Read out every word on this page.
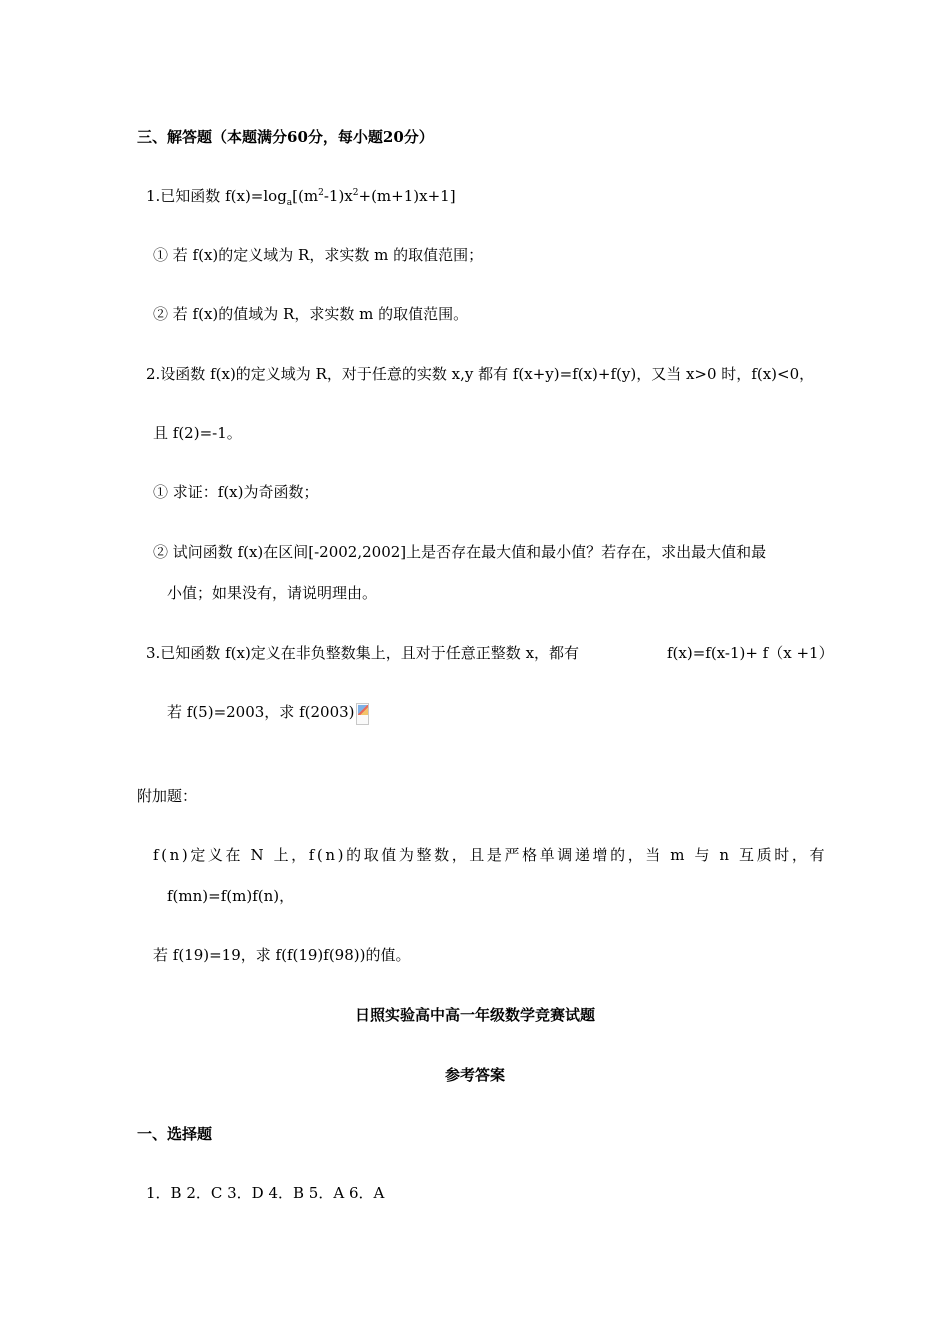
三、解答题（本题满分60分，每小题20分）
1.已知函数 $f(x)=\log_a[(m^2-1)x^2+(m+1)x+1]$
① 若 f(x)的定义域为 R，求实数 m 的取值范围；
② 若 f(x)的值域为 R，求实数 m 的取值范围。
2.设函数 f(x)的定义域为 R，对于任意的实数 x,y 都有 f(x+y)=f(x)+f(y)，又当 x>0 时，f(x)<0，
且 f(2)=-1。
① 求证：f(x)为奇函数；
② 试问函数 f(x)在区间[-2002,2002]上是否存在最大值和最小值？若存在，求出最大值和最
小值；如果没有，请说明理由。
3.已知函数 f(x)定义在非负整数集上，且对于任意正整数 x，都有	f(x)=f(x-1)+ f（x +1）
若 f(5)=2003，求 f(2003)
附加题：
f(n)定义在 N 上，f(n)的取值为整数，且是严格单调递增的，当 m 与 n 互质时，有
f(mn)=f(m)f(n)，
若 f(19)=19，求 f(f(19)f(98))的值。
日照实验高中高一年级数学竞赛试题
参考答案
一、选择题
1．B 2．C 3．D 4．B 5．A 6．A
